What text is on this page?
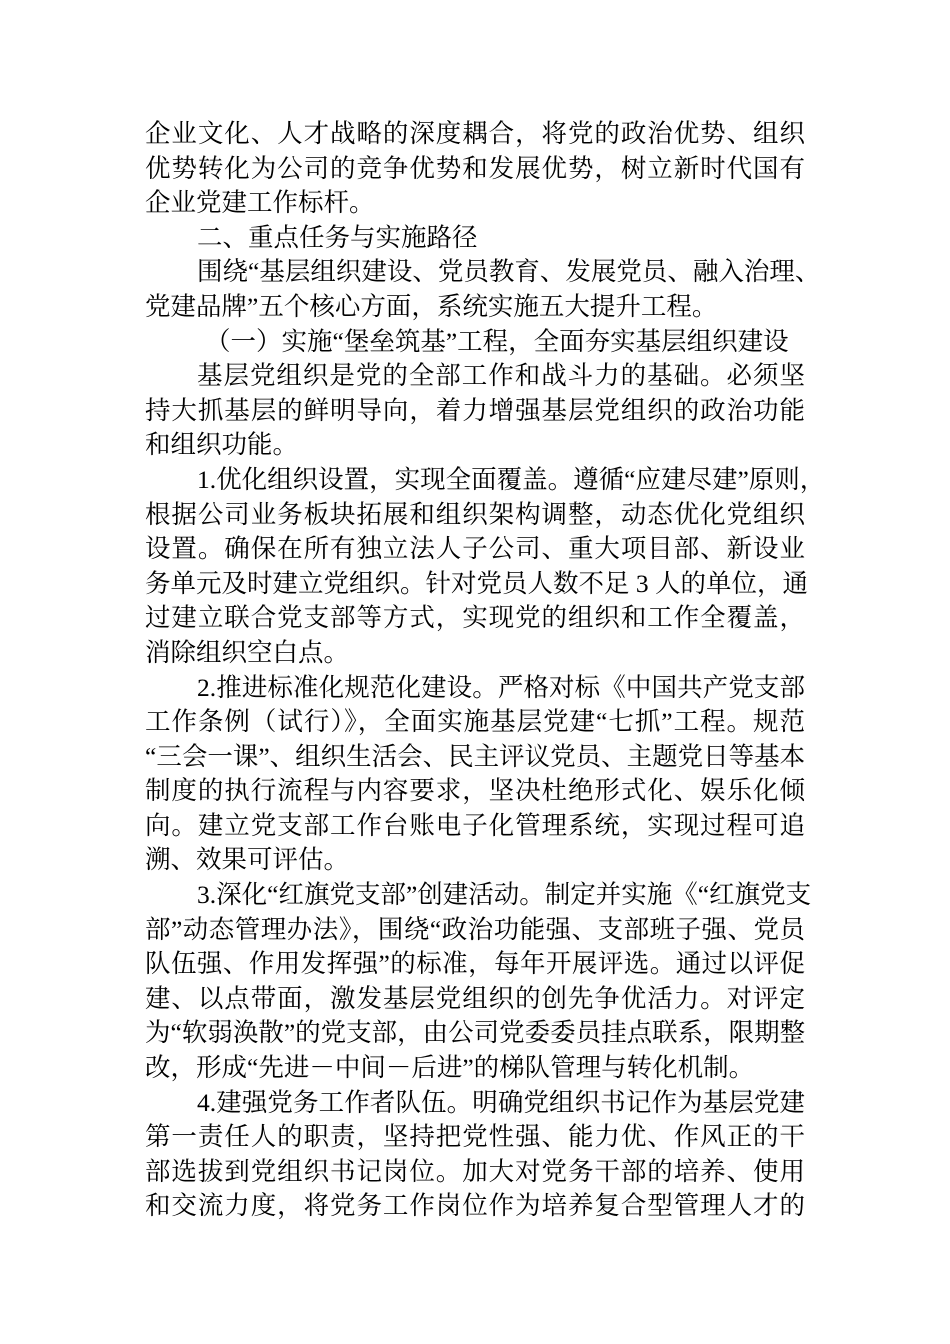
企业文化、人才战略的深度耦合，将党的政治优势、组织
优势转化为公司的竞争优势和发展优势，树立新时代国有
企业党建工作标杆。
二、重点任务与实施路径
围绕“基层组织建设、党员教育、发展党员、融入治理、
党建品牌”五个核心方面，系统实施五大提升工程。
（一）实施“堡垒筑基”工程，全面夯实基层组织建设
基层党组织是党的全部工作和战斗力的基础。必须坚
持大抓基层的鲜明导向，着力增强基层党组织的政治功能
和组织功能。
1.优化组织设置，实现全面覆盖。遵循“应建尽建”原则，
根据公司业务板块拓展和组织架构调整，动态优化党组织
设置。确保在所有独立法人子公司、重大项目部、新设业
务单元及时建立党组织。针对党员人数不足 3 人的单位，通
过建立联合党支部等方式，实现党的组织和工作全覆盖，
消除组织空白点。
2.推进标准化规范化建设。严格对标《中国共产党支部
工作条例（试行）》，全面实施基层党建“七抓”工程。规范
“三会一课”、组织生活会、民主评议党员、主题党日等基本
制度的执行流程与内容要求，坚决杜绝形式化、娱乐化倾
向。建立党支部工作台账电子化管理系统，实现过程可追
溯、效果可评估。
3.深化“红旗党支部”创建活动。制定并实施《“红旗党支
部”动态管理办法》，围绕“政治功能强、支部班子强、党员
队伍强、作用发挥强”的标准，每年开展评选。通过以评促
建、以点带面，激发基层党组织的创先争优活力。对评定
为“软弱涣散”的党支部，由公司党委委员挂点联系，限期整
改，形成“先进－中间－后进”的梯队管理与转化机制。
4.建强党务工作者队伍。明确党组织书记作为基层党建
第一责任人的职责，坚持把党性强、能力优、作风正的干
部选拔到党组织书记岗位。加大对党务干部的培养、使用
和交流力度，将党务工作岗位作为培养复合型管理人才的
